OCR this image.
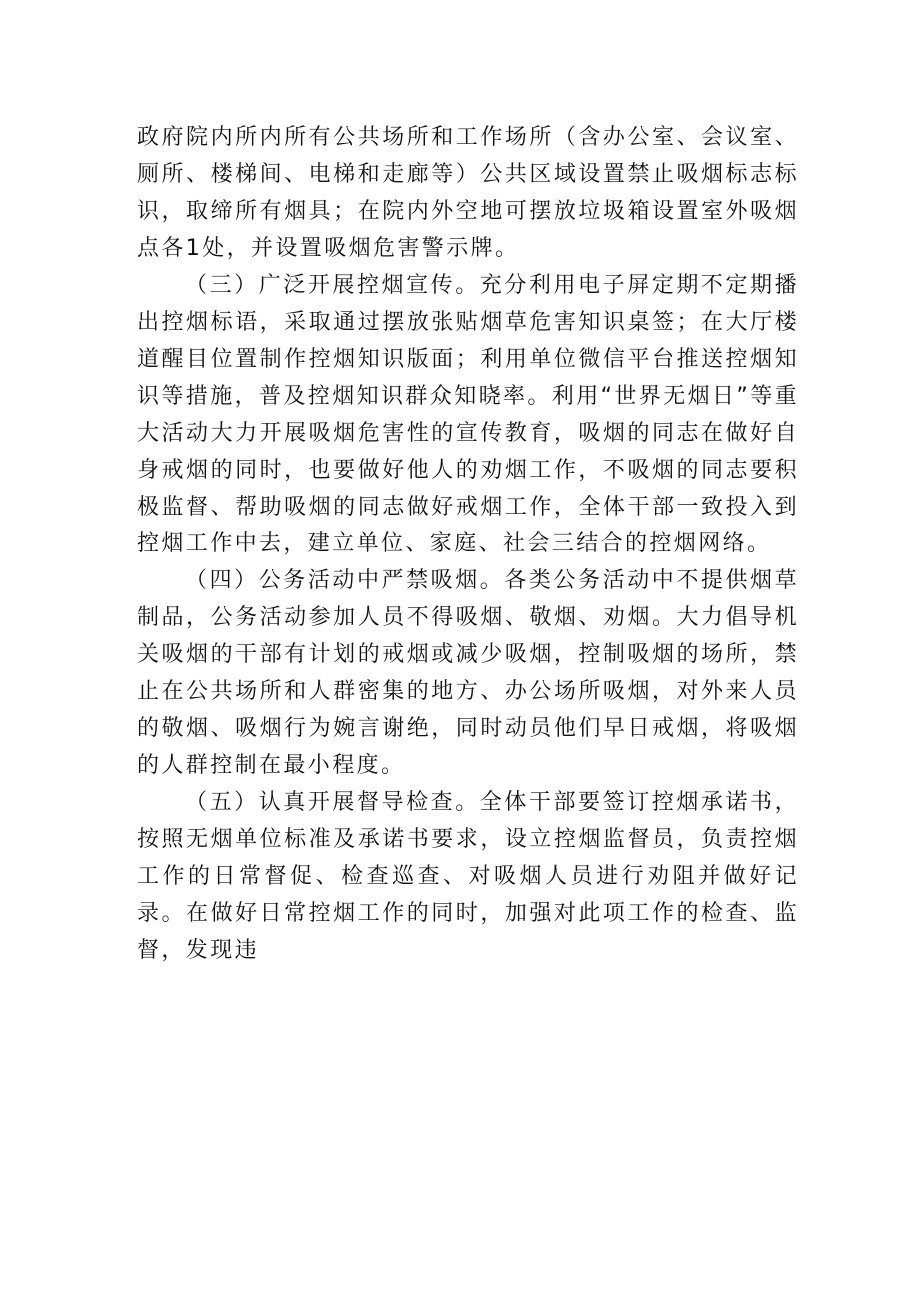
政府院内所内所有公共场所和工作场所（含办公室、会议室、厕所、楼梯间、电梯和走廊等）公共区域设置禁止吸烟标志标识，取缔所有烟具；在院内外空地可摆放垃圾箱设置室外吸烟点各1处，并设置吸烟危害警示牌。

（三）广泛开展控烟宣传。充分利用电子屏定期不定期播出控烟标语，采取通过摆放张贴烟草危害知识桌签；在大厅楼道醒目位置制作控烟知识版面；利用单位微信平台推送控烟知识等措施，普及控烟知识群众知晓率。利用“世界无烟日”等重大活动大力开展吸烟危害性的宣传教育，吸烟的同志在做好自身戒烟的同时，也要做好他人的劝烟工作，不吸烟的同志要积极监督、帮助吸烟的同志做好戒烟工作，全体干部一致投入到控烟工作中去，建立单位、家庭、社会三结合的控烟网络。

（四）公务活动中严禁吸烟。各类公务活动中不提供烟草制品，公务活动参加人员不得吸烟、敬烟、劝烟。大力倡导机关吸烟的干部有计划的戒烟或减少吸烟，控制吸烟的场所，禁止在公共场所和人群密集的地方、办公场所吸烟，对外来人员的敬烟、吸烟行为婉言谢绝，同时动员他们早日戒烟，将吸烟的人群控制在最小程度。

（五）认真开展督导检查。全体干部要签订控烟承诺书，按照无烟单位标准及承诺书要求，设立控烟监督员，负责控烟工作的日常督促、检查巡查、对吸烟人员进行劝阻并做好记录。在做好日常控烟工作的同时，加强对此项工作的检查、监督，发现违
